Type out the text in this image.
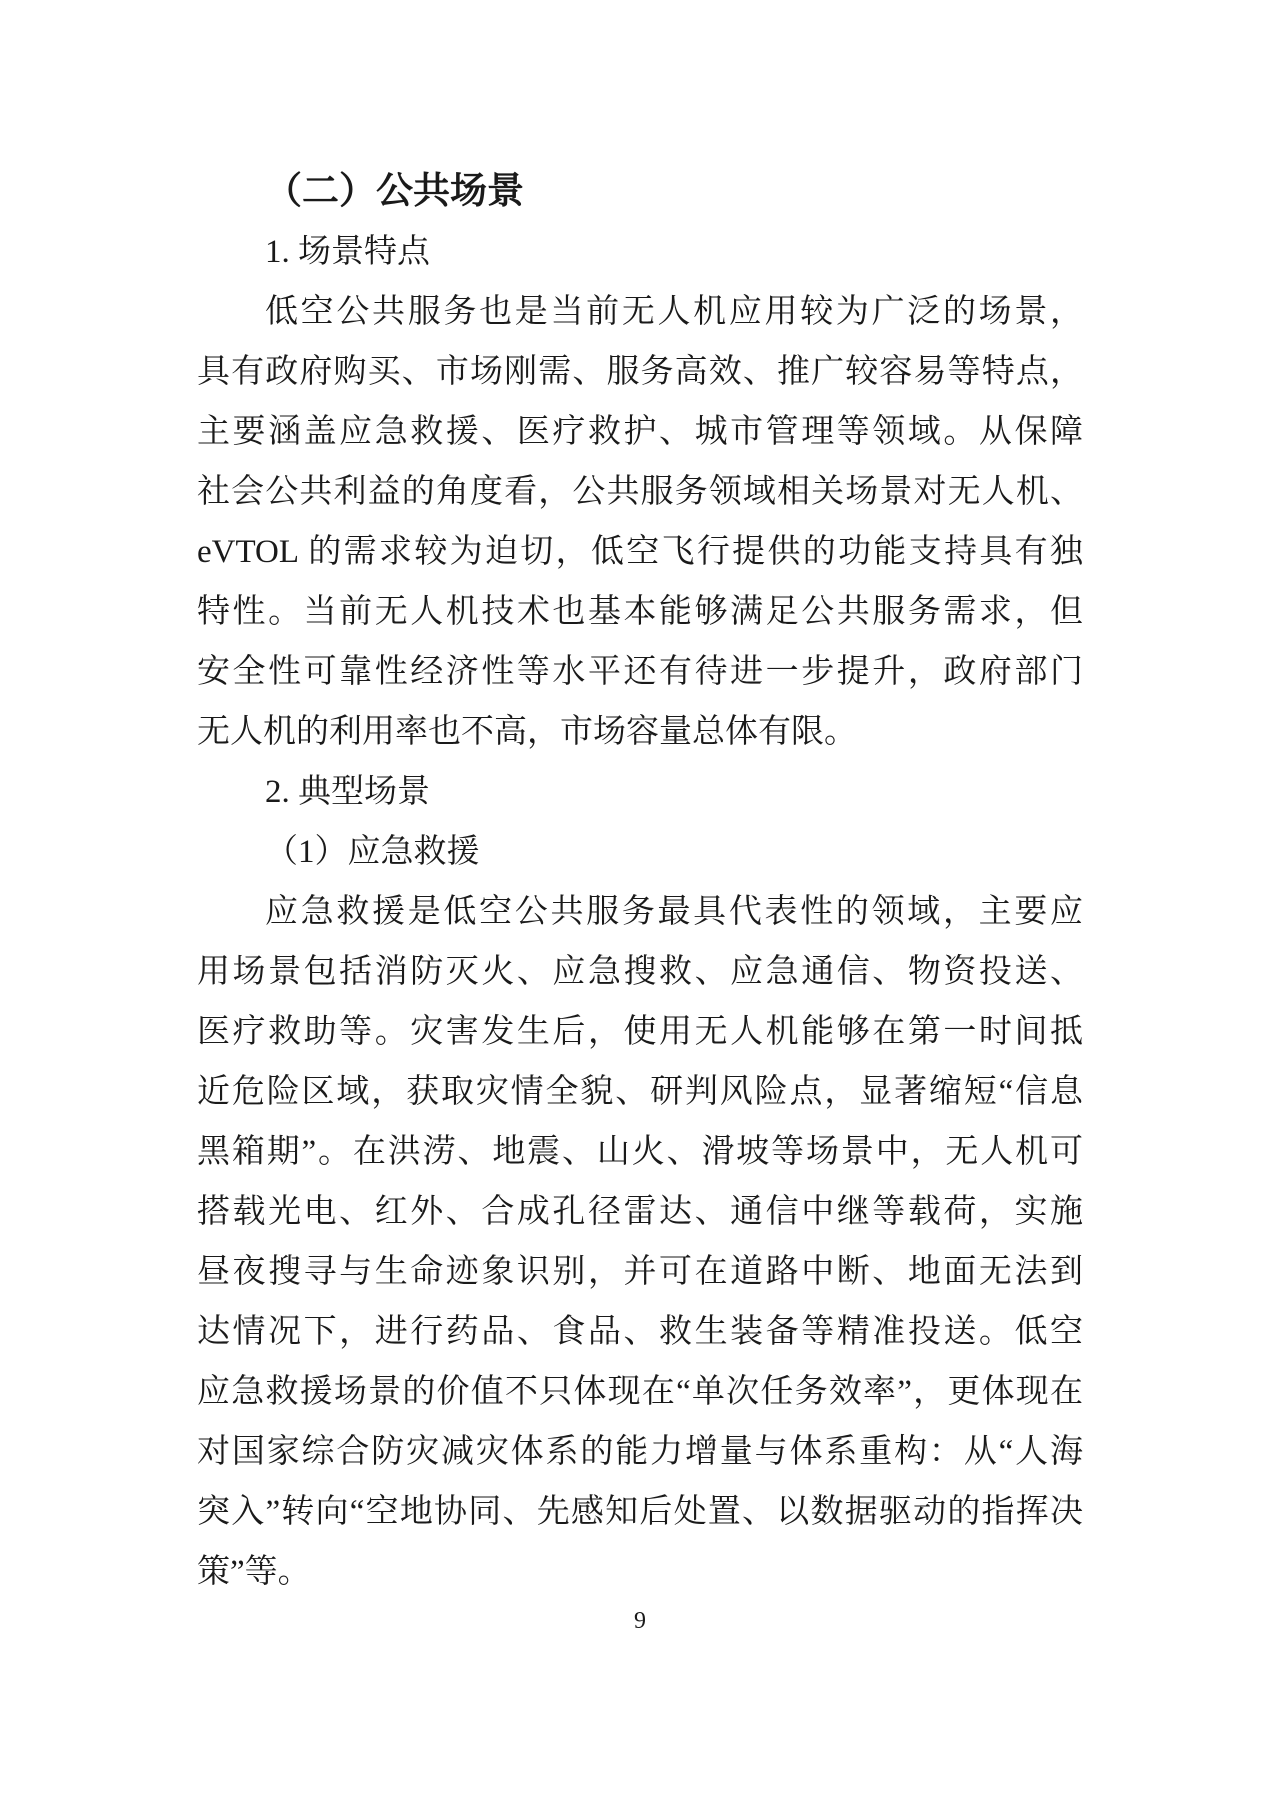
（二）公共场景
1. 场景特点
低空公共服务也是当前无人机应用较为广泛的场景，
具有政府购买、市场刚需、服务高效、推广较容易等特点，
主要涵盖应急救援、医疗救护、城市管理等领域。从保障
社会公共利益的角度看，公共服务领域相关场景对无人机、
eVTOL 的需求较为迫切，低空飞行提供的功能支持具有独
特性。当前无人机技术也基本能够满足公共服务需求，但
安全性可靠性经济性等水平还有待进一步提升，政府部门
无人机的利用率也不高，市场容量总体有限。
2. 典型场景
（1）应急救援
应急救援是低空公共服务最具代表性的领域，主要应
用场景包括消防灭火、应急搜救、应急通信、物资投送、
医疗救助等。灾害发生后，使用无人机能够在第一时间抵
近危险区域，获取灾情全貌、研判风险点，显著缩短“信息
黑箱期”。在洪涝、地震、山火、滑坡等场景中，无人机可
搭载光电、红外、合成孔径雷达、通信中继等载荷，实施
昼夜搜寻与生命迹象识别，并可在道路中断、地面无法到
达情况下，进行药品、食品、救生装备等精准投送。低空
应急救援场景的价值不只体现在“单次任务效率”，更体现在
对国家综合防灾减灾体系的能力增量与体系重构：从“人海
突入”转向“空地协同、先感知后处置、以数据驱动的指挥决
策”等。
9
